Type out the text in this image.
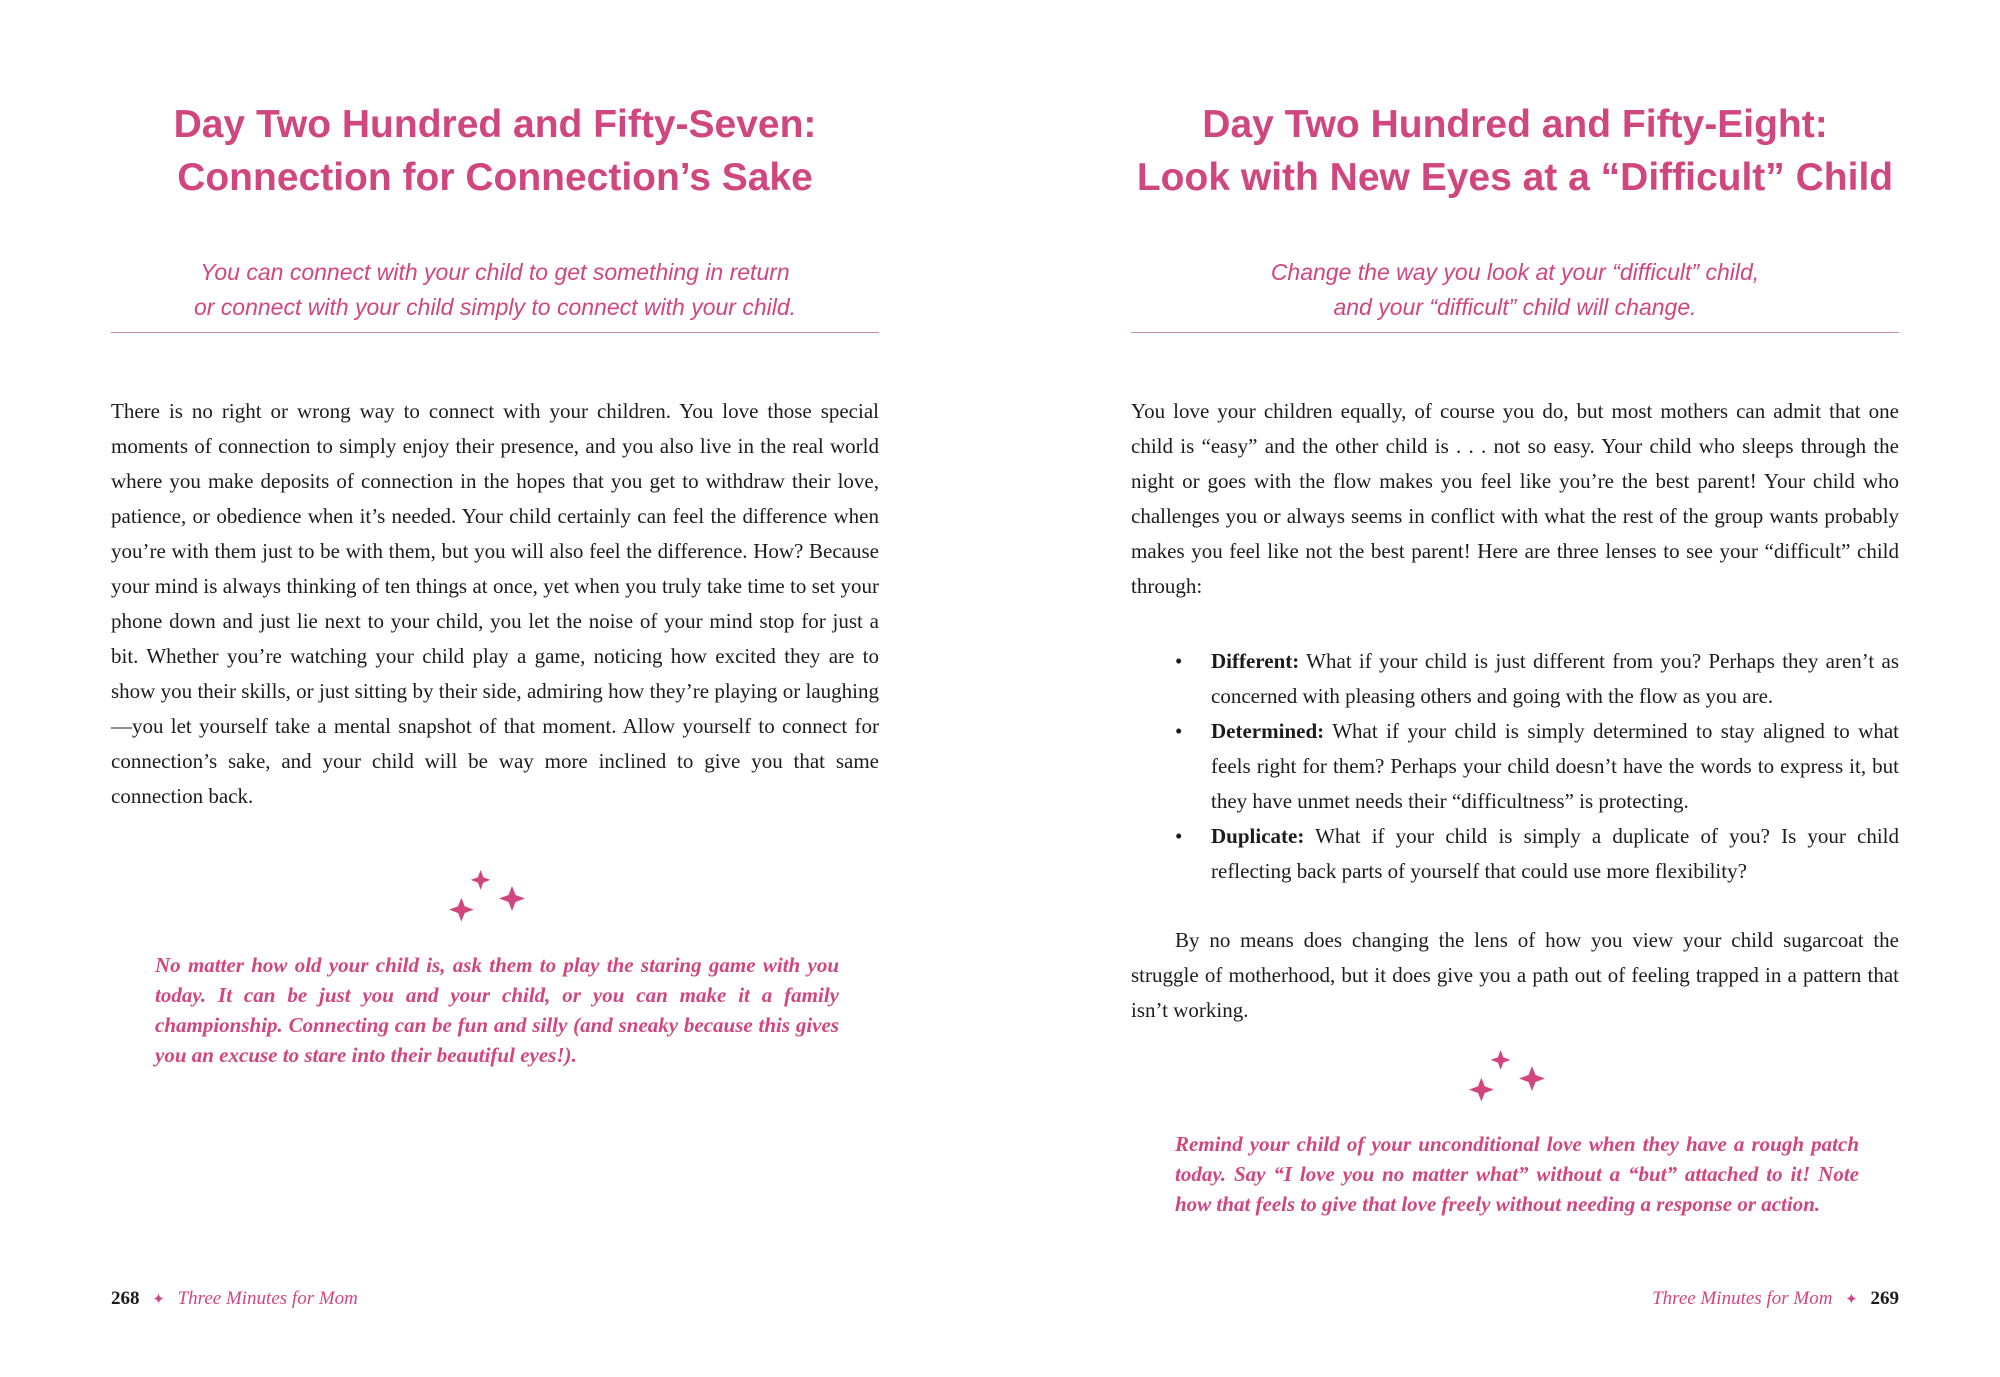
Day Two Hundred and Fifty-Seven:
Connection for Connection’s Sake

You can connect with your child to get something in return
or connect with your child simply to connect with your child.

There is no right or wrong way to connect with your children. You love those special moments of connection to simply enjoy their presence, and you also live in the real world where you make deposits of connection in the hopes that you get to withdraw their love, patience, or obedience when it’s needed. Your child certainly can feel the difference when you’re with them just to be with them, but you will also feel the difference. How? Because your mind is always thinking of ten things at once, yet when you truly take time to set your phone down and just lie next to your child, you let the noise of your mind stop for just a bit. Whether you’re watching your child play a game, noticing how excited they are to show you their skills, or just sitting by their side, admiring how they’re playing or laughing—you let yourself take a mental snapshot of that moment. Allow yourself to connect for connection’s sake, and your child will be way more inclined to give you that same connection back.

No matter how old your child is, ask them to play the staring game with you today. It can be just you and your child, or you can make it a family championship. Connecting can be fun and silly (and sneaky because this gives you an excuse to stare into their beautiful eyes!).

268 ✦ Three Minutes for Mom
Day Two Hundred and Fifty-Eight:
Look with New Eyes at a “Difficult” Child

Change the way you look at your “difficult” child,
and your “difficult” child will change.

You love your children equally, of course you do, but most mothers can admit that one child is “easy” and the other child is . . . not so easy. Your child who sleeps through the night or goes with the flow makes you feel like you’re the best parent! Your child who challenges you or always seems in conflict with what the rest of the group wants probably makes you feel like not the best parent! Here are three lenses to see your “difficult” child through:

• Different: What if your child is just different from you? Perhaps they aren’t as concerned with pleasing others and going with the flow as you are.
• Determined: What if your child is simply determined to stay aligned to what feels right for them? Perhaps your child doesn’t have the words to express it, but they have unmet needs their “difficultness” is protecting.
• Duplicate: What if your child is simply a duplicate of you? Is your child reflecting back parts of yourself that could use more flexibility?

By no means does changing the lens of how you view your child sugarcoat the struggle of motherhood, but it does give you a path out of feeling trapped in a pattern that isn’t working.

Remind your child of your unconditional love when they have a rough patch today. Say “I love you no matter what” without a “but” attached to it! Note how that feels to give that love freely without needing a response or action.

Three Minutes for Mom ✦ 269
